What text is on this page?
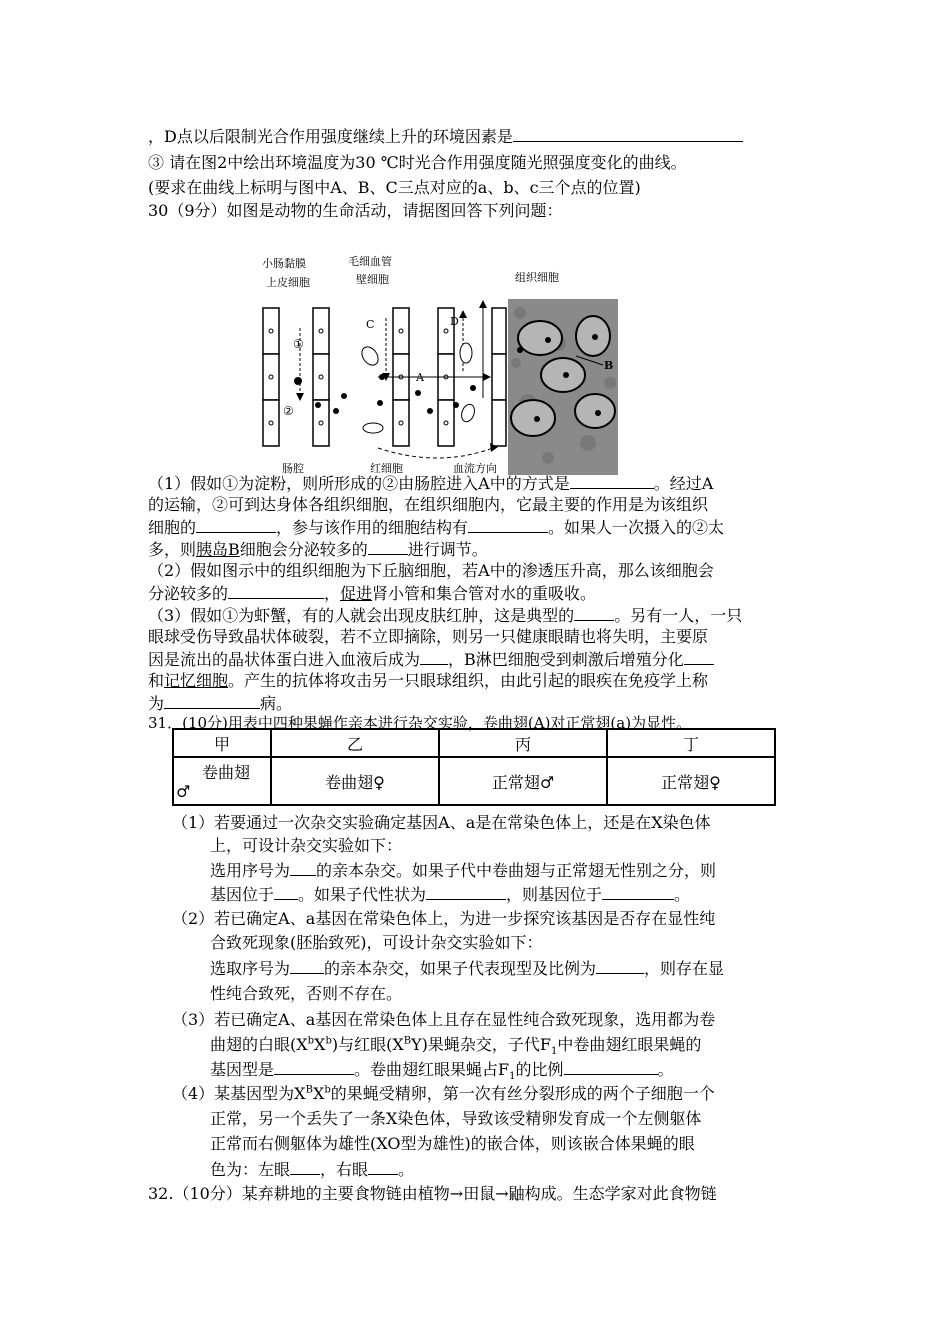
，D点以后限制光合作用强度继续上升的环境因素是
③ 请在图2中绘出环境温度为30 ℃时光合作用强度随光照强度变化的曲线。
(要求在曲线上标明与图中A、B、C三点对应的a、b、c三个点的位置)
30（9分）如图是动物的生命活动，请据图回答下列问题：
B
组织细胞
①
②
C	D
A
小肠黏膜
上皮细胞
毛细血管
壁细胞
肠腔	红细胞	血流方向
（1）假如①为淀粉，则所形成的②由肠腔进入A中的方式是	。经过A
的运输，②可到达身体各组织细胞，在组织细胞内，它最主要的作用是为该组织
细胞的	，参与该作用的细胞结构有	。如果人一次摄入的②太
多，则胰岛B细胞会分泌较多的	进行调节。
（2）假如图示中的组织细胞为下丘脑细胞，若A中的渗透压升高，那么该细胞会
分泌较多的	，促进肾小管和集合管对水的重吸收。
（3）假如①为虾蟹，有的人就会出现皮肤红肿，这是典型的	。另有一人，一只
眼球受伤导致晶状体破裂，若不立即摘除，则另一只健康眼睛也将失明，主要原
因是流出的晶状体蛋白进入血液后成为 ，B淋巴细胞受到刺激后增殖分化
和记忆细胞。产生的抗体将攻击另一只眼球组织，由此引起的眼疾在免疫学上称
为	病。
31．(10分)用表中四种果蝇作亲本进行杂交实验，卷曲翅(A)对正常翅(a)为显性。
甲	乙	丙	丁

卷曲翅
♂	卷曲翅♀	正常翅♂	正常翅♀
（1）若要通过一次杂交实验确定基因A、a是在常染色体上，还是在X染色体
上，可设计杂交实验如下：
选用序号为 的亲本杂交。如果子代中卷曲翅与正常翅无性别之分，则
基因位于 。如果子代性状为	，则基因位于	。
（2）若已确定A、a基因在常染色体上，为进一步探究该基因是否存在显性纯
合致死现象(胚胎致死)，可设计杂交实验如下：
选取序号为 的亲本杂交，如果子代表现型及比例为	，则存在显
性纯合致死，否则不存在。
（3）若已确定A、a基因在常染色体上且存在显性纯合致死现象，选用都为卷
曲翅的白眼$(X^bX^b)$与红眼$(X^BY)$果蝇杂交，子代$F_1$中卷曲翅红眼果蝇的
基因型是	。卷曲翅红眼果蝇占$F_1$的比例	。
（4）某基因型为$X^BX^b$的果蝇受精卵，第一次有丝分裂形成的两个子细胞一个
正常，另一个丢失了一条X染色体，导致该受精卵发育成一个左侧躯体
正常而右侧躯体为雄性(XO型为雄性)的嵌合体，则该嵌合体果蝇的眼
色为：左眼 ，右眼 。
32.（10分）某弃耕地的主要食物链由植物→田鼠→鼬构成。生态学家对此食物链
